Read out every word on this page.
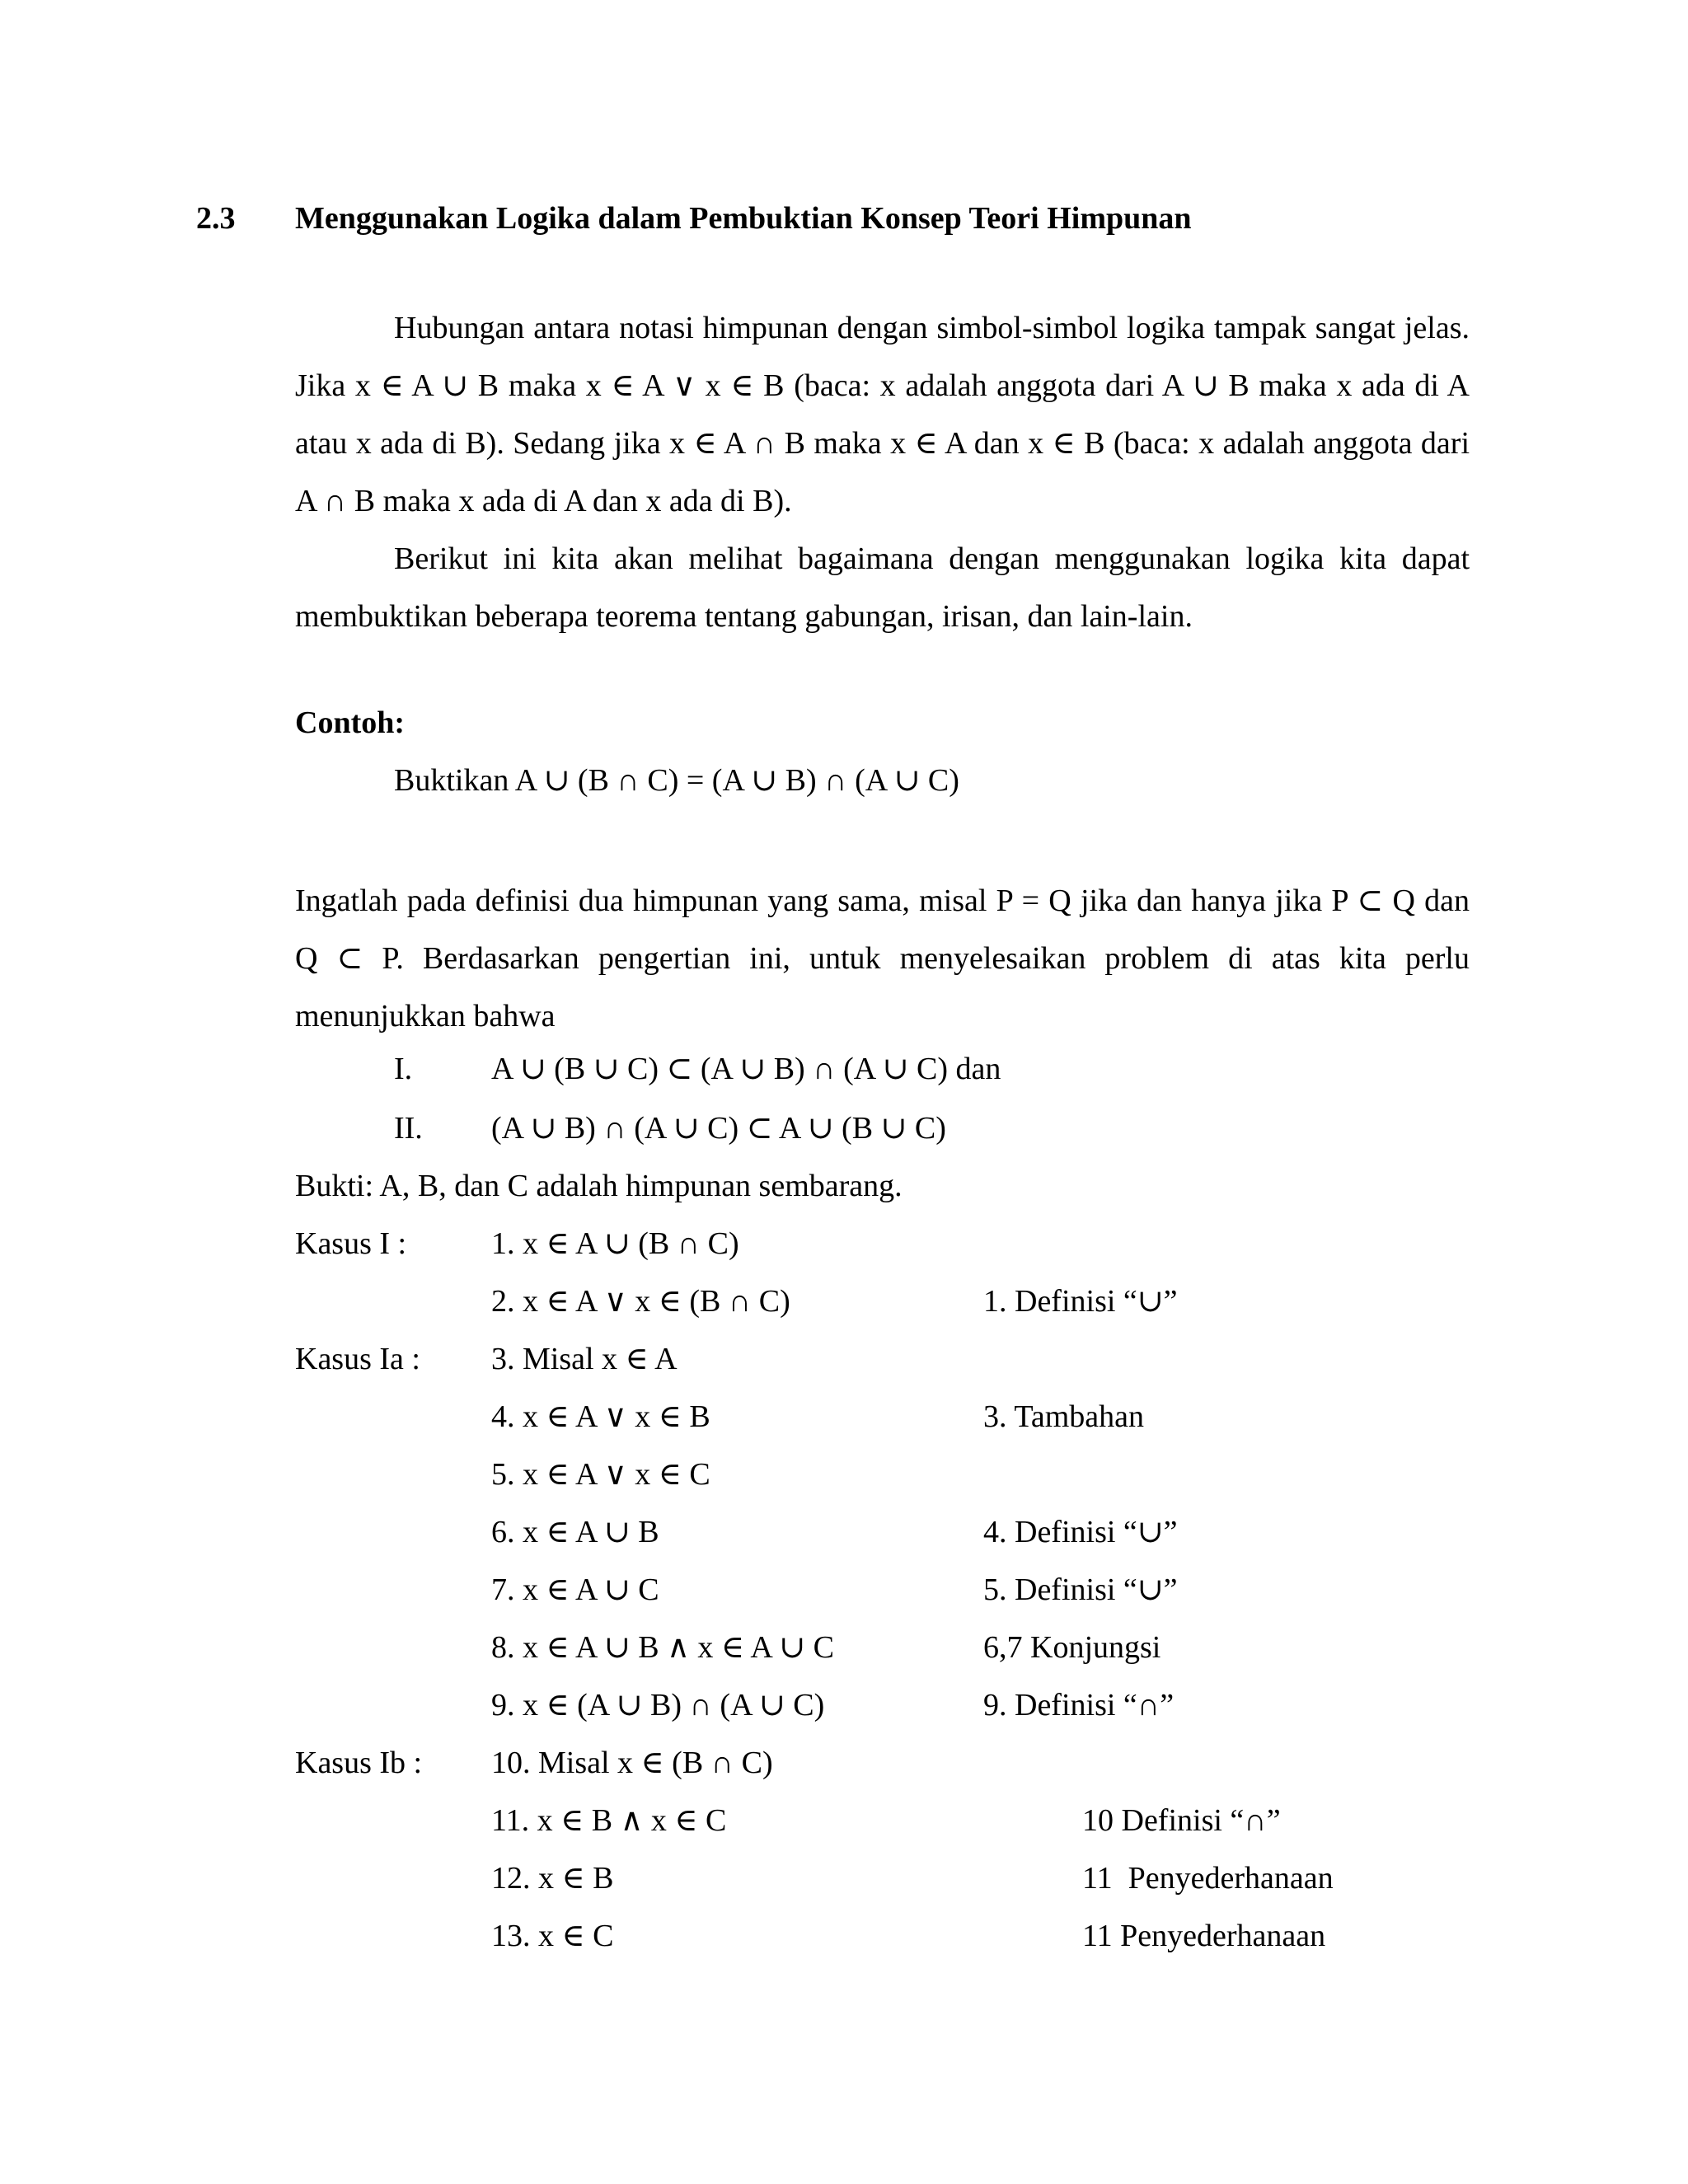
2.3 Menggunakan Logika dalam Pembuktian Konsep Teori Himpunan
Hubungan antara notasi himpunan dengan simbol-simbol logika tampak sangat jelas. Jika x ∈ A ∪ B maka x ∈ A ∨ x ∈ B (baca: x adalah anggota dari A ∪ B maka x ada di A atau x ada di B). Sedang jika x ∈ A ∩ B maka x ∈ A dan x ∈ B (baca: x adalah anggota dari A ∩ B maka x ada di A dan x ada di B).
Berikut ini kita akan melihat bagaimana dengan menggunakan logika kita dapat membuktikan beberapa teorema tentang gabungan, irisan, dan lain-lain.
Contoh:
Buktikan A ∪ (B ∩ C) = (A ∪ B) ∩ (A ∪ C)
Ingatlah pada definisi dua himpunan yang sama, misal P = Q jika dan hanya jika P ⊂ Q dan Q ⊂ P. Berdasarkan pengertian ini, untuk menyelesaikan problem di atas kita perlu menunjukkan bahwa
I.	A ∪ (B ∪ C) ⊂ (A ∪ B) ∩ (A ∪ C) dan
II. (A ∪ B) ∩ (A ∪ C) ⊂ A ∪ (B ∪ C)
Bukti: A, B, dan C adalah himpunan sembarang.
Kasus I :	1. x ∈ A ∪ (B ∩ C)
2. x ∈ A ∨ x ∈ (B ∩ C)	1. Definisi “∪”
Kasus Ia : 3. Misal x ∈ A
4. x ∈ A ∨ x ∈ B	3. Tambahan
5. x ∈ A ∨ x ∈ C
6. x ∈ A ∪ B	4. Definisi “∪”
7. x ∈ A ∪ C	5. Definisi “∪”
8. x ∈ A ∪ B ∧ x ∈ A ∪ C	6,7 Konjungsi
9. x ∈ (A ∪ B) ∩ (A ∪ C)	9. Definisi “∩”
Kasus Ib : 10. Misal x ∈ (B ∩ C)
11. x ∈ B ∧ x ∈ C	10 Definisi “∩”
12. x ∈ B	11  Penyederhanaan
13. x ∈ C	11 Penyederhanaan
